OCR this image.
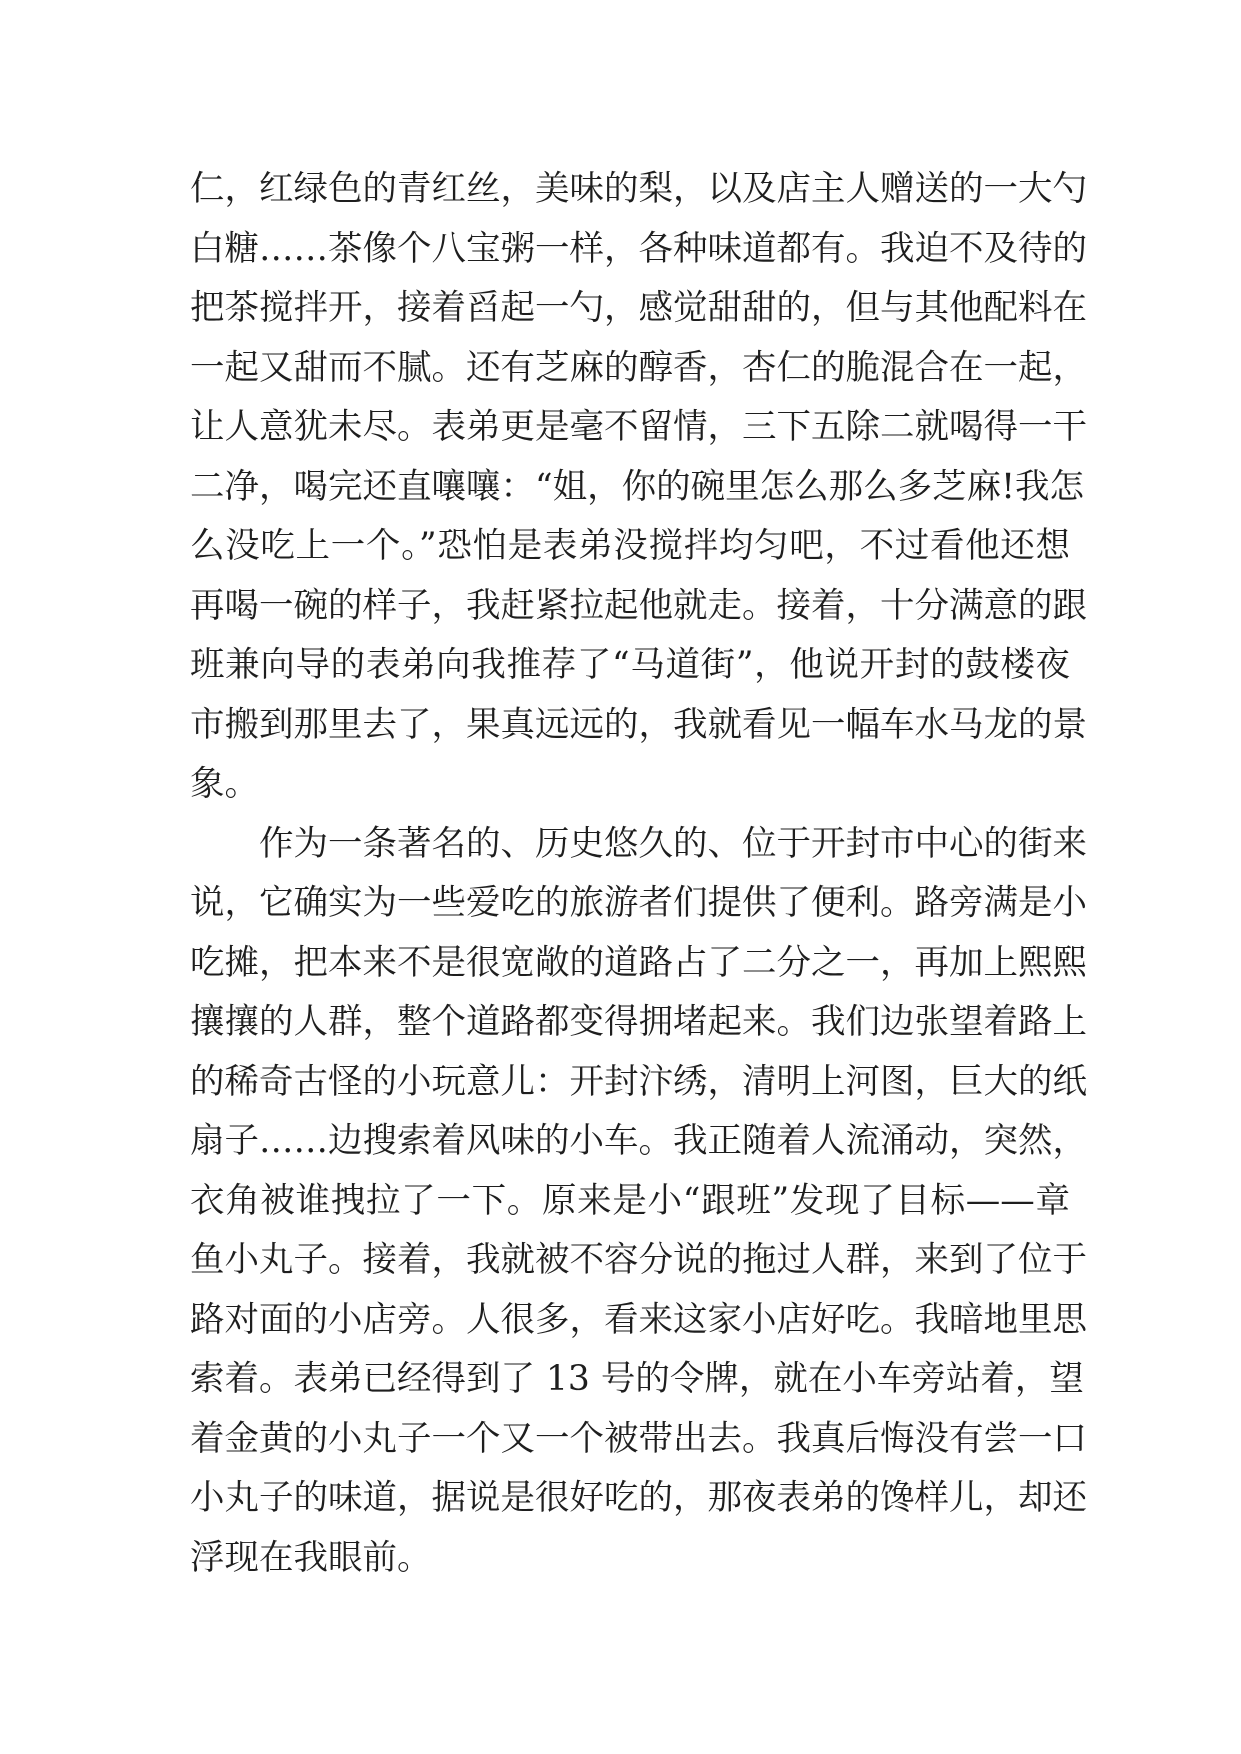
仁，红绿色的青红丝，美味的梨，以及店主人赠送的一大勺
白糖……茶像个八宝粥一样，各种味道都有。我迫不及待的
把茶搅拌开，接着舀起一勺，感觉甜甜的，但与其他配料在
一起又甜而不腻。还有芝麻的醇香，杏仁的脆混合在一起，
让人意犹未尽。表弟更是毫不留情，三下五除二就喝得一干
二净，喝完还直嚷嚷：“姐，你的碗里怎么那么多芝麻!我怎
么没吃上一个。”恐怕是表弟没搅拌均匀吧，不过看他还想
再喝一碗的样子，我赶紧拉起他就走。接着，十分满意的跟
班兼向导的表弟向我推荐了“马道街”，他说开封的鼓楼夜
市搬到那里去了，果真远远的，我就看见一幅车水马龙的景
象。
　　作为一条著名的、历史悠久的、位于开封市中心的街来
说，它确实为一些爱吃的旅游者们提供了便利。路旁满是小
吃摊，把本来不是很宽敞的道路占了二分之一，再加上熙熙
攘攘的人群，整个道路都变得拥堵起来。我们边张望着路上
的稀奇古怪的小玩意儿：开封汴绣，清明上河图，巨大的纸
扇子……边搜索着风味的小车。我正随着人流涌动，突然，
衣角被谁拽拉了一下。原来是小“跟班”发现了目标——章
鱼小丸子。接着，我就被不容分说的拖过人群，来到了位于
路对面的小店旁。人很多，看来这家小店好吃。我暗地里思
索着。表弟已经得到了 13 号的令牌，就在小车旁站着，望
着金黄的小丸子一个又一个被带出去。我真后悔没有尝一口
小丸子的味道，据说是很好吃的，那夜表弟的馋样儿，却还
浮现在我眼前。
